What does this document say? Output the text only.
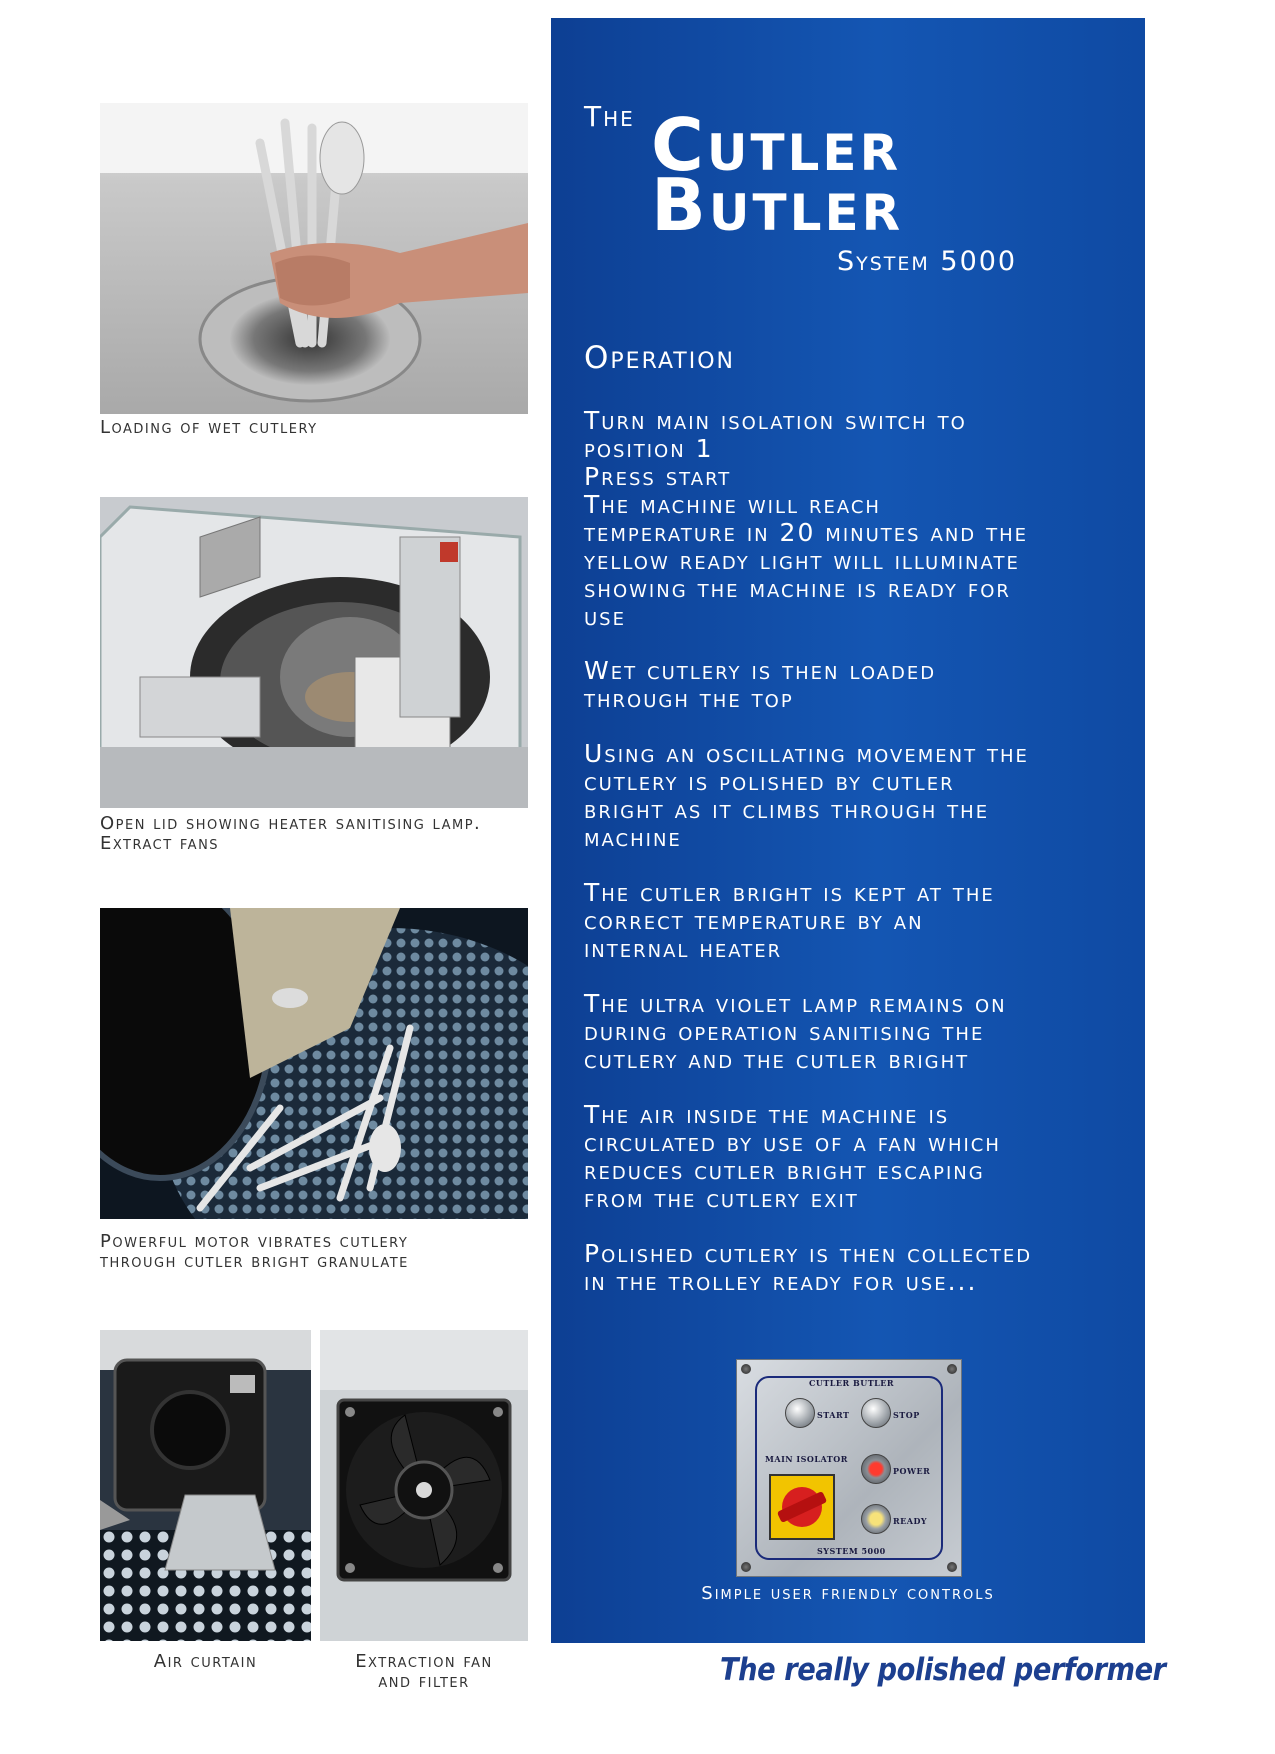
Loading of wet cutlery
Open lid showing heater sanitising lamp.
Extract fans
Powerful motor vibrates cutlery
through cutler bright granulate
Air curtain	Extraction fan
and filter
The Cutler
Butler
System 5000
Operation
Turn main isolation switch to
position 1
Press start
The machine will reach
temperature in 20 minutes and the
yellow ready light will illuminate
showing the machine is ready for
use
Wet cutlery is then loaded
through the top
Using an oscillating movement the
cutlery is polished by cutler
bright as it climbs through the
machine
The cutler bright is kept at the
correct temperature by an
internal heater
The ultra violet lamp remains on
during operation sanitising the
cutlery and the cutler bright
The air inside the machine is
circulated by use of a fan which
reduces cutler bright escaping
from the cutlery exit
Polished cutlery is then collected
in the trolley ready for use...
CUTLER BUTLER
START	STOP
MAIN ISOLATOR
POWER
READY
SYSTEM 5000
Simple user friendly controls
The really polished performer
